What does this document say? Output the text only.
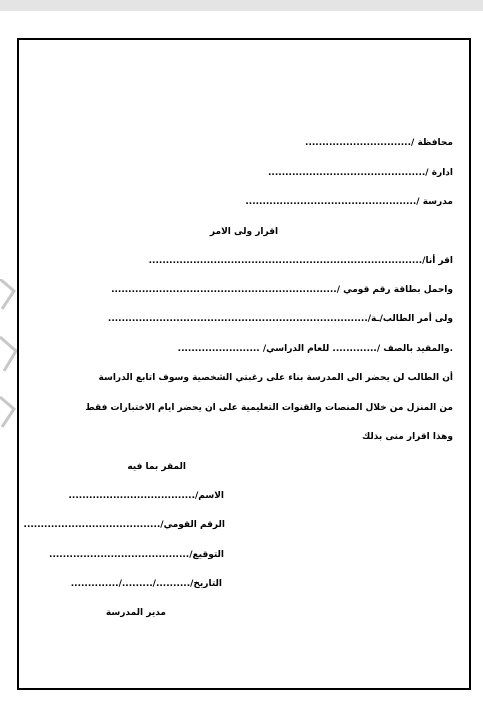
محافظة /...............................
ادارة /..............................................
مدرسة /..................................................
اقرار ولى الامر
اقر أنا/................................................................................
واحمل بطاقة رقم قومي /..................................................................
ولى أمر الطالب/ـة/............................................................................
.والمقيد بالصف /............. للعام الدراسي/ ........................
أن الطالب لن يحضر الى المدرسة بناء على رغبتي الشخصية وسوف اتابع الدراسة
من المنزل من خلال المنصات والقنوات التعليمية على ان يحضر ايام الاختبارات فقط
وهذا اقرار منى بذلك
المقر بما فيه
الاسم/.....................................
الرقم القومي/........................................
التوقيع/.........................................
التاريخ/........../........./..............
مدير المدرسة
